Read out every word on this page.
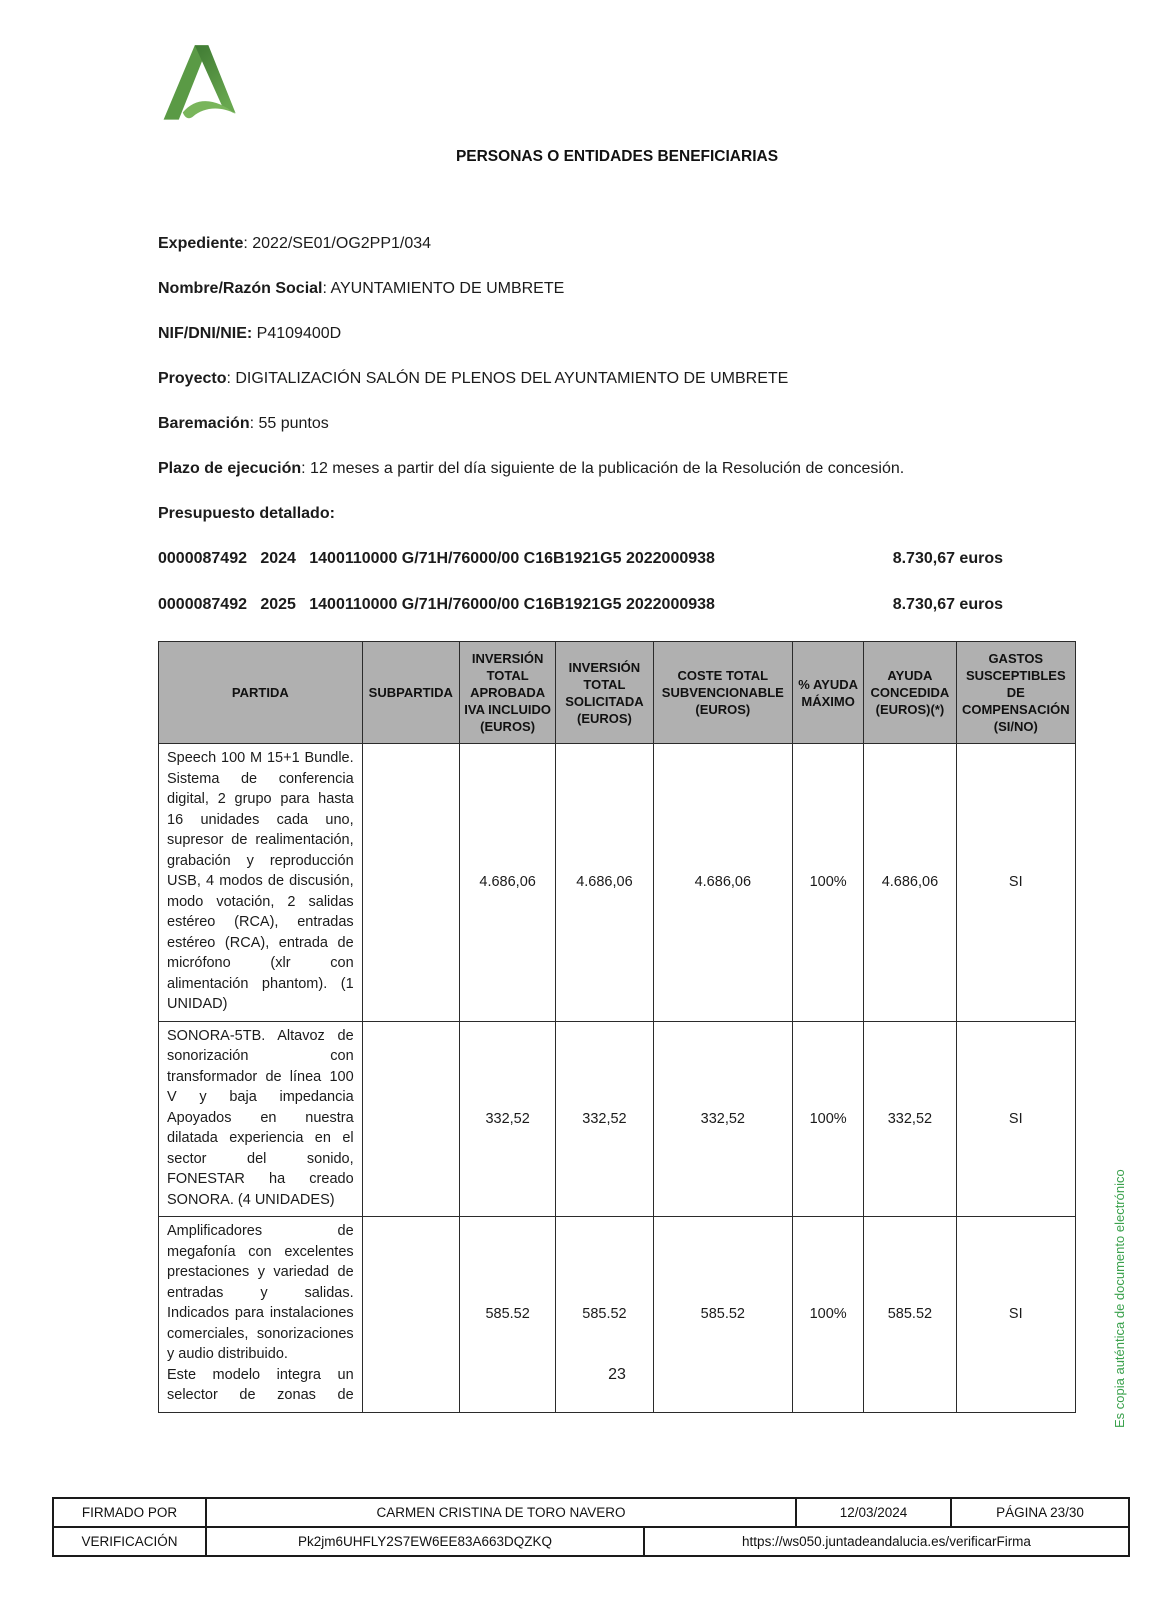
PERSONAS O ENTIDADES BENEFICIARIAS

Expediente: 2022/SE01/OG2PP1/034

Nombre/Razón Social: AYUNTAMIENTO DE UMBRETE

NIF/DNI/NIE: P4109400D

Proyecto: DIGITALIZACIÓN SALÓN DE PLENOS DEL AYUNTAMIENTO DE UMBRETE

Baremación: 55 puntos

Plazo de ejecución: 12 meses a partir del día siguiente de la publicación de la Resolución de concesión.

Presupuesto detallado:

0000087492   2024   1400110000 G/71H/76000/00 C16B1921G5 2022000938	8.730,67 euros
0000087492   2025   1400110000 G/71H/76000/00 C16B1921G5 2022000938	8.730,67 euros
PARTIDA	SUBPARTIDA	INVERSIÓN TOTAL APROBADA IVA INCLUIDO (EUROS)	INVERSIÓN TOTAL SOLICITADA (EUROS)	COSTE TOTAL SUBVENCIONABLE (EUROS)	% AYUDA MÁXIMO	AYUDA CONCEDIDA (EUROS)(*)	GASTOS SUSCEPTIBLES DE COMPENSACIÓN (SI/NO)

Speech 100 M 15+1 Bundle. Sistema de conferencia digital, 2 grupo para hasta 16 unidades cada uno, supresor de realimentación, grabación y reproducción USB, 4 modos de discusión, modo votación, 2 salidas estéreo (RCA), entradas estéreo (RCA), entrada de micrófono (xlr con alimentación phantom). (1 UNIDAD)		4.686,06	4.686,06	4.686,06	100%	4.686,06	SI

SONORA-5TB. Altavoz de sonorización con transformador de línea 100 V y baja impedancia Apoyados en nuestra dilatada experiencia en el sector del sonido, FONESTAR ha creado SONORA. (4 UNIDADES)		332,52	332,52	332,52	100%	332,52	SI

Amplificadores de megafonía con excelentes prestaciones y variedad de entradas y salidas. Indicados para instalaciones comerciales, sonorizaciones y audio distribuido.

Este modelo integra un selector de zonas de		585.52	585.52	585.52	100%	585.52	SI
23	Es copia auténtica de documento electrónico
FIRMADO POR	CARMEN CRISTINA DE TORO NAVERO		12/03/2024	PÁGINA 23/30
VERIFICACIÓN	Pk2jm6UHFLY2S7EW6EE83A663DQZKQ	https://ws050.juntadeandalucia.es/verificarFirma		
